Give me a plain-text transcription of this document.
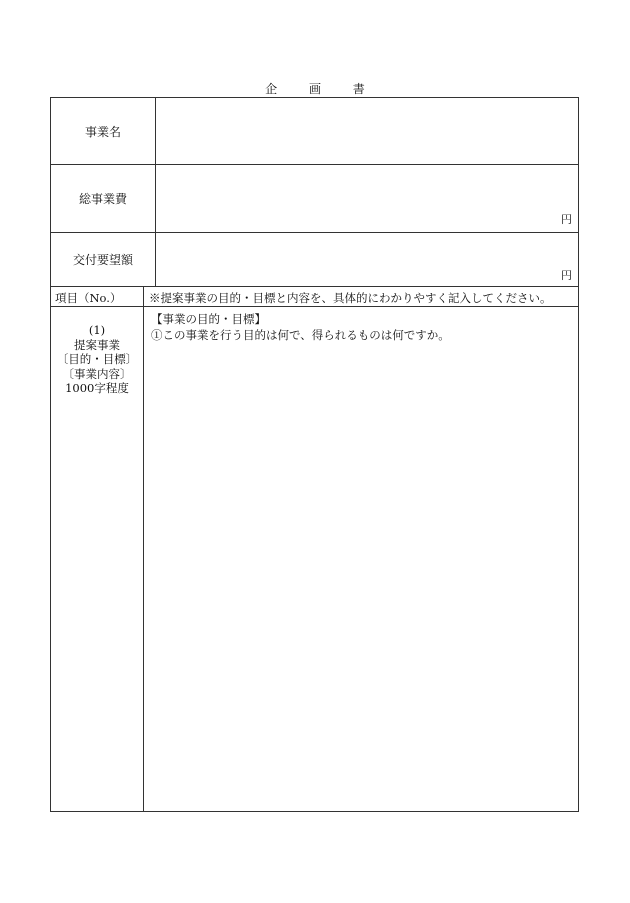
企 画 書
事業名
総事業費
円
交付要望額
円
項目（No.） ※提案事業の目的・目標と内容を、具体的にわかりやすく記入してください。
(1)
提案事業
〔目的・目標〕
〔事業内容〕
1000字程度
【事業の目的・目標】
①この事業を行う目的は何で、得られるものは何ですか。
